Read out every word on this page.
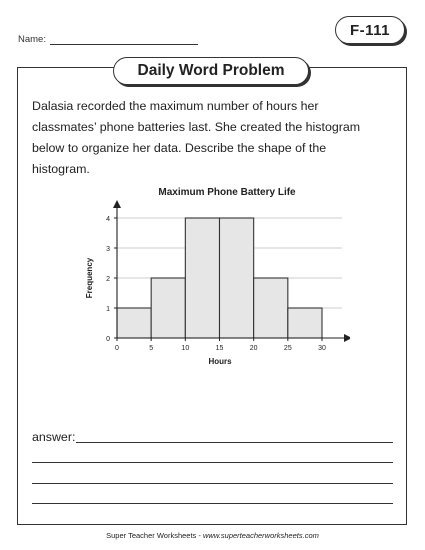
Name:
F-111
Daily Word Problem

Dalasia recorded the maximum number of hours her
classmates’ phone batteries last. She created the histogram
below to organize her data. Describe the shape of the
histogram.

Maximum Phone Battery Life
0
1
2
3
4
0	5	10	15	20	25	30
Hours
Frequency
answer:
Super Teacher Worksheets - www.superteacherworksheets.com
